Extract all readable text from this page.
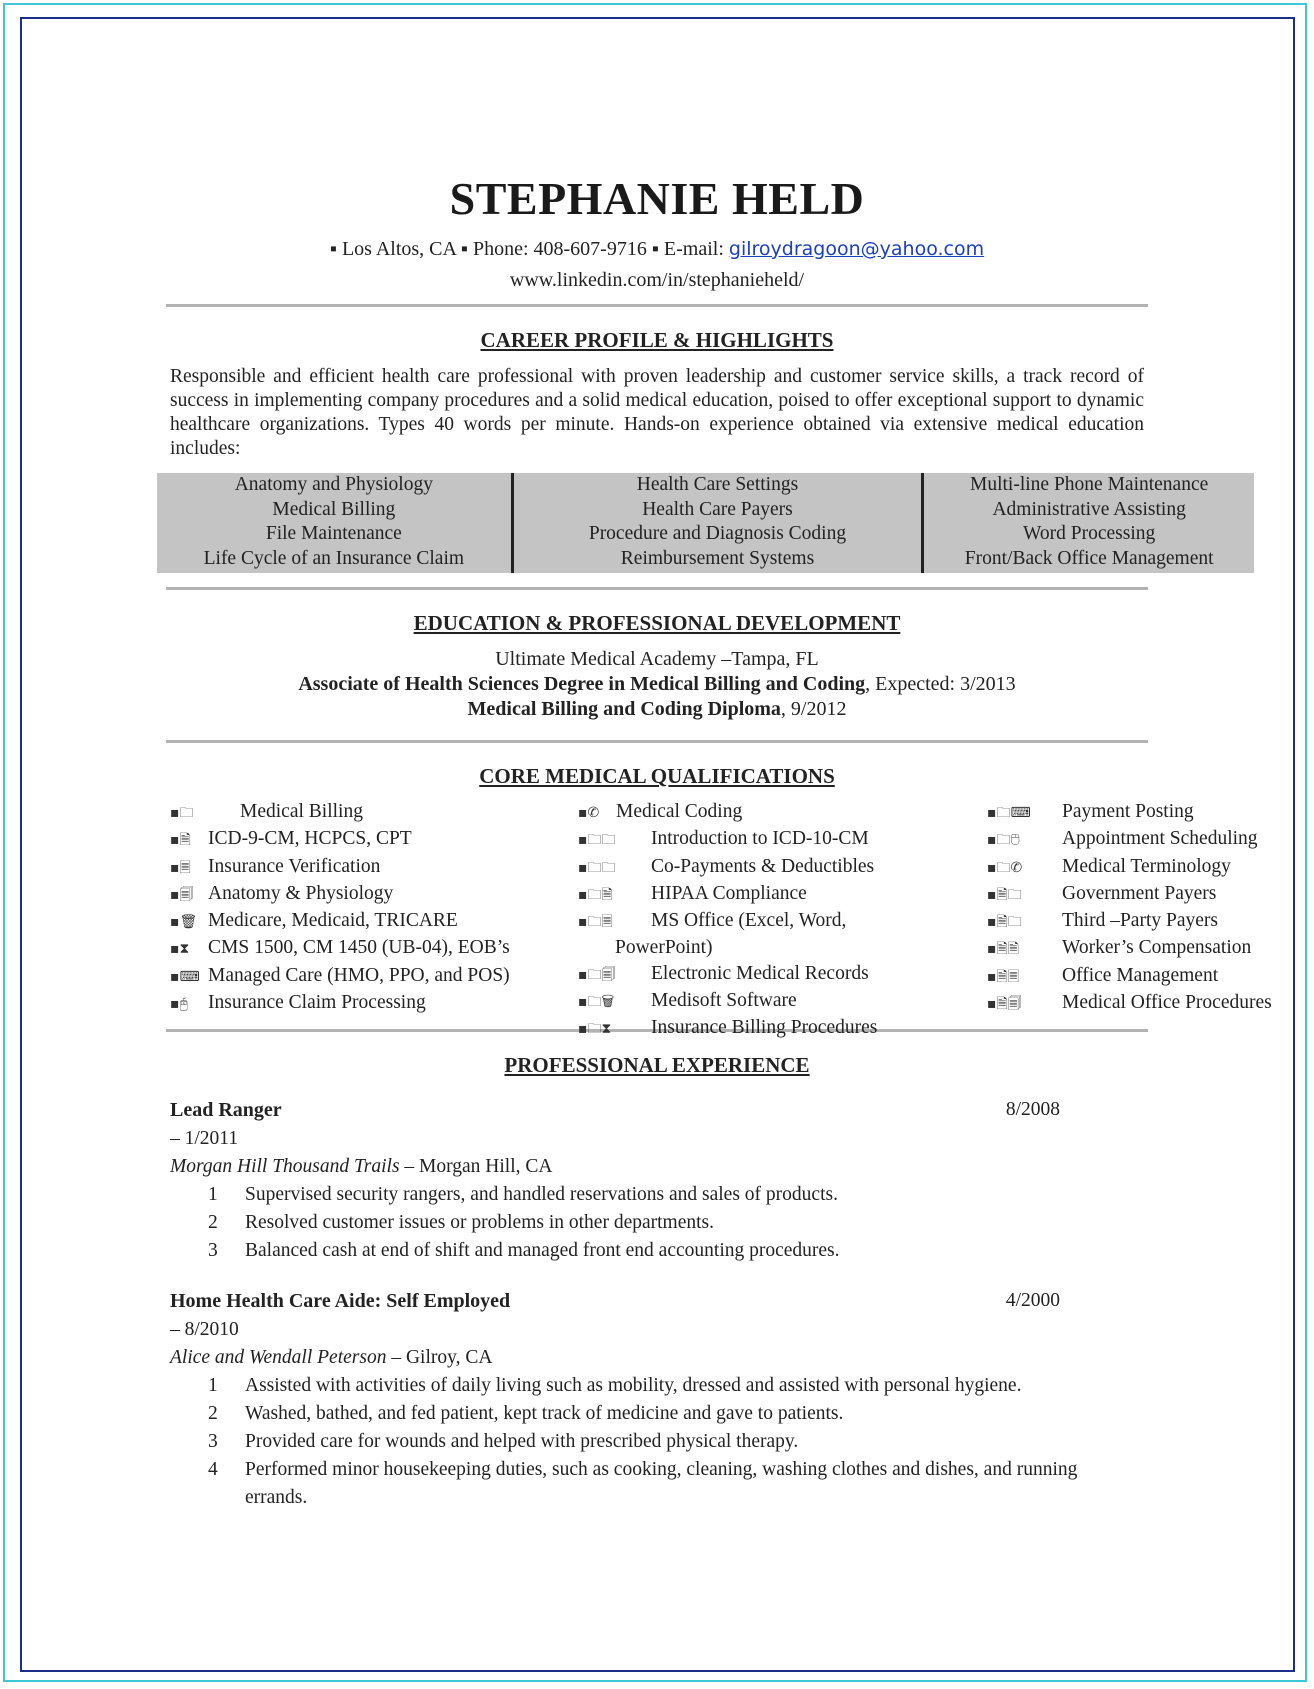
STEPHANIE HELD
▪ Los Altos, CA ▪ Phone: 408-607-9716 ▪ E-mail: gilroydragoon@yahoo.com
www.linkedin.com/in/stephanieheld/
CAREER PROFILE & HIGHLIGHTS
Responsible and efficient health care professional with proven leadership and customer service skills, a track record of success in implementing company procedures and a solid medical education, poised to offer exceptional support to dynamic healthcare organizations. Types 40 words per minute. Hands-on experience obtained via extensive medical education includes:
Anatomy and Physiology
Medical Billing
File Maintenance
Life Cycle of an Insurance Claim
Health Care Settings
Health Care Payers
Procedure and Diagnosis Coding
Reimbursement Systems
Multi-line Phone Maintenance
Administrative Assisting
Word Processing
Front/Back Office Management
EDUCATION & PROFESSIONAL DEVELOPMENT
Ultimate Medical Academy –Tampa, FL
Associate of Health Sciences Degree in Medical Billing and Coding, Expected: 3/2013
Medical Billing and Coding Diploma, 9/2012
CORE MEDICAL QUALIFICATIONS
▪🗀 Medical Billing
▪🗎 ICD-9-CM, HCPCS, CPT
▪🗏 Insurance Verification
▪🗐 Anatomy & Physiology
▪🗑 Medicare, Medicaid, TRICARE
▪⧗ CMS 1500, CM 1450 (UB-04), EOB’s
▪⌨ Managed Care (HMO, PPO, and POS)
▪🖰 Insurance Claim Processing
▪✆ Medical Coding
▪🗀🗀 Introduction to ICD-10-CM
▪🗀🗀 Co-Payments & Deductibles
▪🗀🗎 HIPAA Compliance
▪🗀🗏 MS Office (Excel, Word,
PowerPoint)
▪🗀🗐 Electronic Medical Records
▪🗀🗑 Medisoft Software
▪🗀⧗ Insurance Billing Procedures
▪🗀⌨ Payment Posting
▪🗀🖰 Appointment Scheduling
▪🗀✆ Medical Terminology
▪🗎🗀 Government Payers
▪🗎🗀 Third –Party Payers
▪🗎🗎 Worker’s Compensation
▪🗎🗏 Office Management
▪🗎🗐 Medical Office Procedures
PROFESSIONAL EXPERIENCE
Lead Ranger	8/2008
– 1/2011
Morgan Hill Thousand Trails – Morgan Hill, CA
1 Supervised security rangers, and handled reservations and sales of products.
2 Resolved customer issues or problems in other departments.
3 Balanced cash at end of shift and managed front end accounting procedures.
Home Health Care Aide: Self Employed	4/2000
– 8/2010
Alice and Wendall Peterson – Gilroy, CA
1 Assisted with activities of daily living such as mobility, dressed and assisted with personal hygiene.
2 Washed, bathed, and fed patient, kept track of medicine and gave to patients.
3 Provided care for wounds and helped with prescribed physical therapy.
4 Performed minor housekeeping duties, such as cooking, cleaning, washing clothes and dishes, and running errands.
